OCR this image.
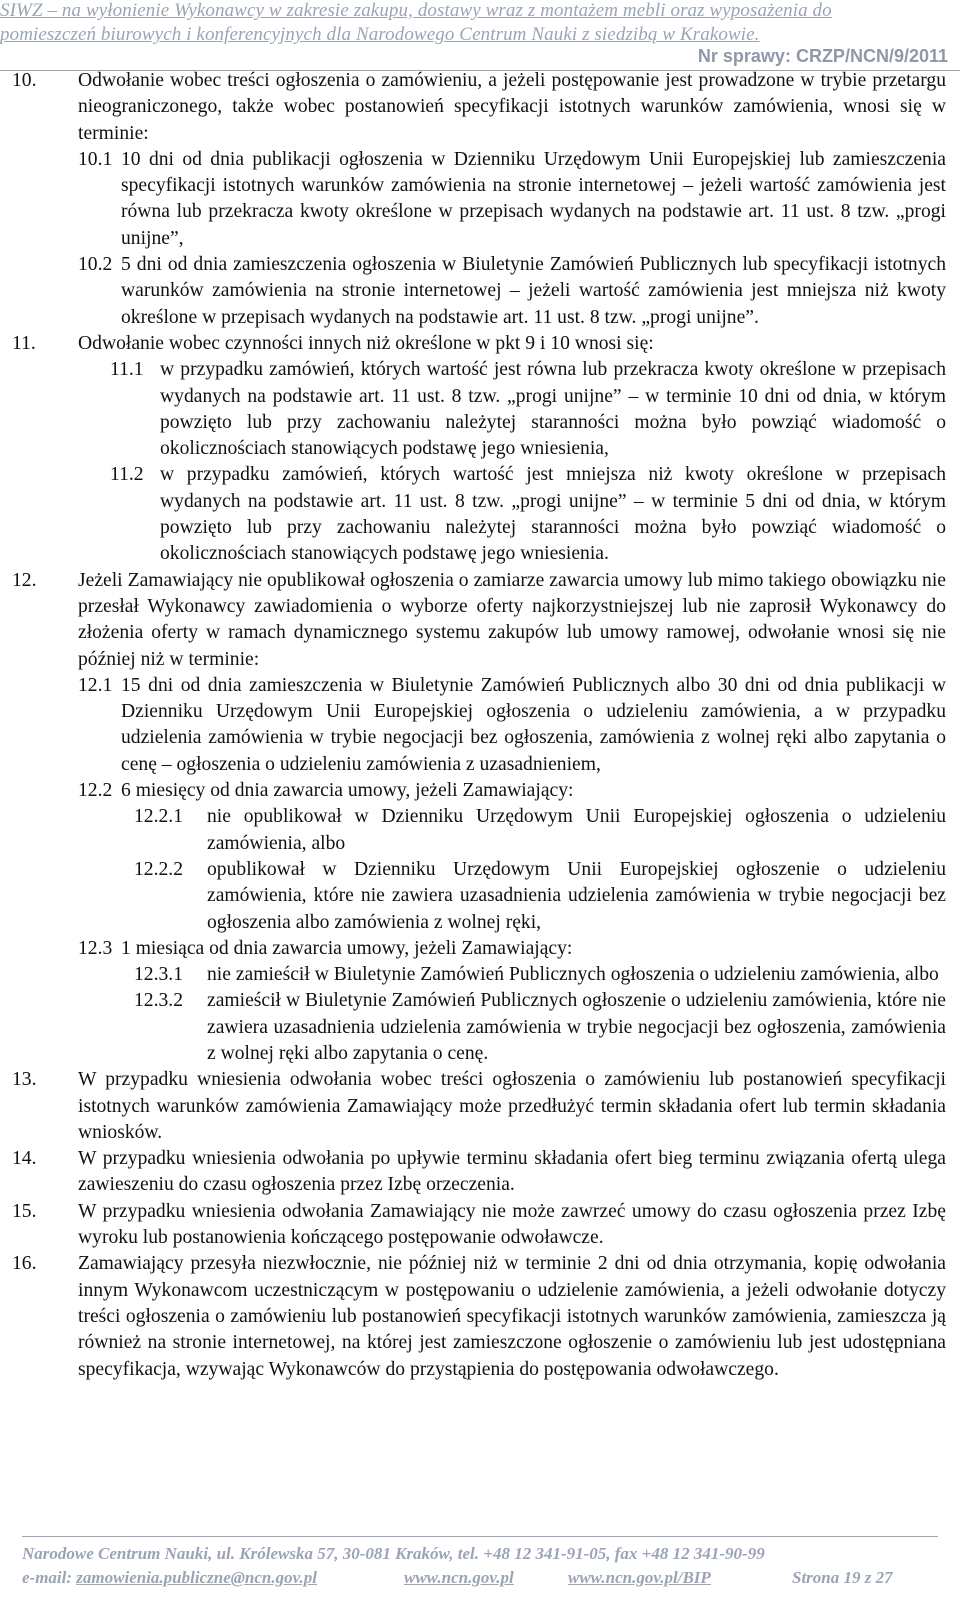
SIWZ – na wyłonienie Wykonawcy w zakresie zakupu, dostawy wraz z montażem mebli oraz wyposażenia do
pomieszczeń biurowych i konferencyjnych dla Narodowego Centrum Nauki z siedzibą w Krakowie.
Nr sprawy: CRZP/NCN/9/2011
10. Odwołanie wobec treści ogłoszenia o zamówieniu, a jeżeli postępowanie jest prowadzone w trybie przetargu nieograniczonego, także wobec postanowień specyfikacji istotnych warunków zamówienia, wnosi się w terminie:
10.1 10 dni od dnia publikacji ogłoszenia w Dzienniku Urzędowym Unii Europejskiej lub zamieszczenia specyfikacji istotnych warunków zamówienia na stronie internetowej – jeżeli wartość zamówienia jest równa lub przekracza kwoty określone w przepisach wydanych na podstawie art. 11 ust. 8 tzw. „progi unijne”,
10.2 5 dni od dnia zamieszczenia ogłoszenia w Biuletynie Zamówień Publicznych lub specyfikacji istotnych warunków zamówienia na stronie internetowej – jeżeli wartość zamówienia jest mniejsza niż kwoty określone w przepisach wydanych na podstawie art. 11 ust. 8 tzw. „progi unijne”.
11. Odwołanie wobec czynności innych niż określone w pkt 9 i 10 wnosi się:
11.1 w przypadku zamówień, których wartość jest równa lub przekracza kwoty określone w przepisach wydanych na podstawie art. 11 ust. 8 tzw. „progi unijne” – w terminie 10 dni od dnia, w którym powzięto lub przy zachowaniu należytej staranności można było powziąć wiadomość o okolicznościach stanowiących podstawę jego wniesienia,
11.2 w przypadku zamówień, których wartość jest mniejsza niż kwoty określone w przepisach wydanych na podstawie art. 11 ust. 8 tzw. „progi unijne” – w terminie 5 dni od dnia, w którym powzięto lub przy zachowaniu należytej staranności można było powziąć wiadomość o okolicznościach stanowiących podstawę jego wniesienia.
12. Jeżeli Zamawiający nie opublikował ogłoszenia o zamiarze zawarcia umowy lub mimo takiego obowiązku nie przesłał Wykonawcy zawiadomienia o wyborze oferty najkorzystniejszej lub nie zaprosił Wykonawcy do złożenia oferty w ramach dynamicznego systemu zakupów lub umowy ramowej, odwołanie wnosi się nie później niż w terminie:
12.1 15 dni od dnia zamieszczenia w Biuletynie Zamówień Publicznych albo 30 dni od dnia publikacji w Dzienniku Urzędowym Unii Europejskiej ogłoszenia o udzieleniu zamówienia, a w przypadku udzielenia zamówienia w trybie negocjacji bez ogłoszenia, zamówienia z wolnej ręki albo zapytania o cenę – ogłoszenia o udzieleniu zamówienia z uzasadnieniem,
12.2 6 miesięcy od dnia zawarcia umowy, jeżeli Zamawiający:
12.2.1 nie opublikował w Dzienniku Urzędowym Unii Europejskiej ogłoszenia o udzieleniu zamówienia, albo
12.2.2 opublikował w Dzienniku Urzędowym Unii Europejskiej ogłoszenie o udzieleniu zamówienia, które nie zawiera uzasadnienia udzielenia zamówienia w trybie negocjacji bez ogłoszenia albo zamówienia z wolnej ręki,
12.3 1 miesiąca od dnia zawarcia umowy, jeżeli Zamawiający:
12.3.1 nie zamieścił w Biuletynie Zamówień Publicznych ogłoszenia o udzieleniu zamówienia, albo
12.3.2 zamieścił w Biuletynie Zamówień Publicznych ogłoszenie o udzieleniu zamówienia, które nie zawiera uzasadnienia udzielenia zamówienia w trybie negocjacji bez ogłoszenia, zamówienia z wolnej ręki albo zapytania o cenę.
13. W przypadku wniesienia odwołania wobec treści ogłoszenia o zamówieniu lub postanowień specyfikacji istotnych warunków zamówienia Zamawiający może przedłużyć termin składania ofert lub termin składania wniosków.
14. W przypadku wniesienia odwołania po upływie terminu składania ofert bieg terminu związania ofertą ulega zawieszeniu do czasu ogłoszenia przez Izbę orzeczenia.
15. W przypadku wniesienia odwołania Zamawiający nie może zawrzeć umowy do czasu ogłoszenia przez Izbę wyroku lub postanowienia kończącego postępowanie odwoławcze.
16. Zamawiający przesyła niezwłocznie, nie później niż w terminie 2 dni od dnia otrzymania, kopię odwołania innym Wykonawcom uczestniczącym w postępowaniu o udzielenie zamówienia, a jeżeli odwołanie dotyczy treści ogłoszenia o zamówieniu lub postanowień specyfikacji istotnych warunków zamówienia, zamieszcza ją również na stronie internetowej, na której jest zamieszczone ogłoszenie o zamówieniu lub jest udostępniana specyfikacja, wzywając Wykonawców do przystąpienia do postępowania odwoławczego.
Narodowe Centrum Nauki, ul. Królewska 57, 30-081 Kraków, tel. +48 12 341-91-05, fax +48 12 341-90-99
e-mail: zamowienia.publiczne@ncn.gov.pl	www.ncn.gov.pl	www.ncn.gov.pl/BIP	Strona 19 z 27
